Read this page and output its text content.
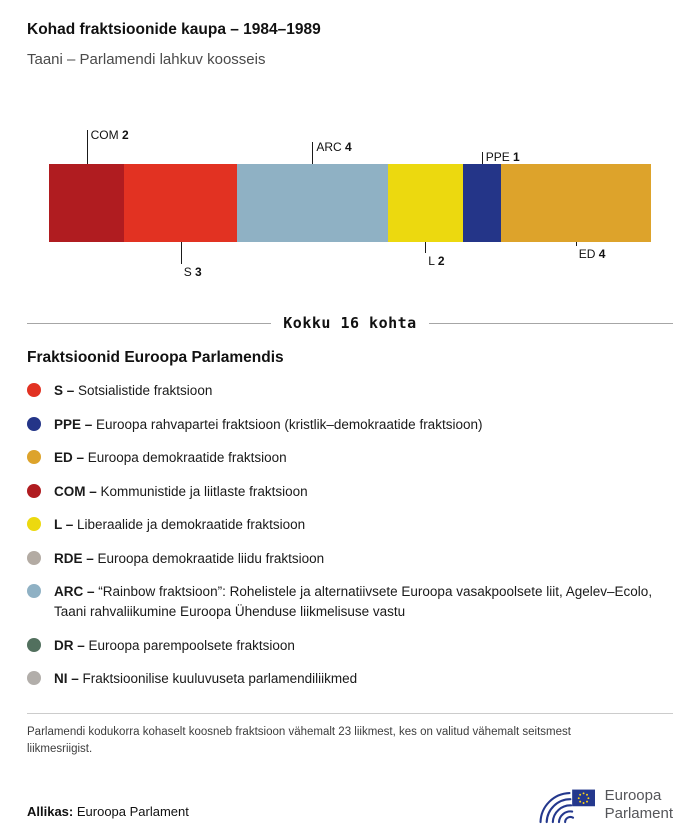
Kohad fraktsioonide kaupa – 1984–1989
Taani – Parlamendi lahkuv koosseis
COM 2
S 3
ARC 4
L 2
PPE 1
ED 4
Kokku 16 kohta
Fraktsioonid Euroopa Parlamendis
S – Sotsialistide fraktsioon
PPE – Euroopa rahvapartei fraktsioon (kristlik–demokraatide fraktsioon)
ED – Euroopa demokraatide fraktsioon
COM – Kommunistide ja liitlaste fraktsioon
L – Liberaalide ja demokraatide fraktsioon
RDE – Euroopa demokraatide liidu fraktsioon
ARC – “Rainbow fraktsioon”: Rohelistele ja alternatiivsete Euroopa vasakpoolsete liit, Agelev–Ecolo, Taani rahvaliikumine Euroopa Ühenduse liikmelisuse vastu
DR – Euroopa parempoolsete fraktsioon
NI – Fraktsioonilise kuuluvuseta parlamendiliikmed
Parlamendi kodukorra kohaselt koosneb fraktsioon vähemalt 23 liikmest, kes on valitud vähemalt seitsmest liikmesriigist.
Allikas: Euroopa Parlament
Euroopa
Parlament
